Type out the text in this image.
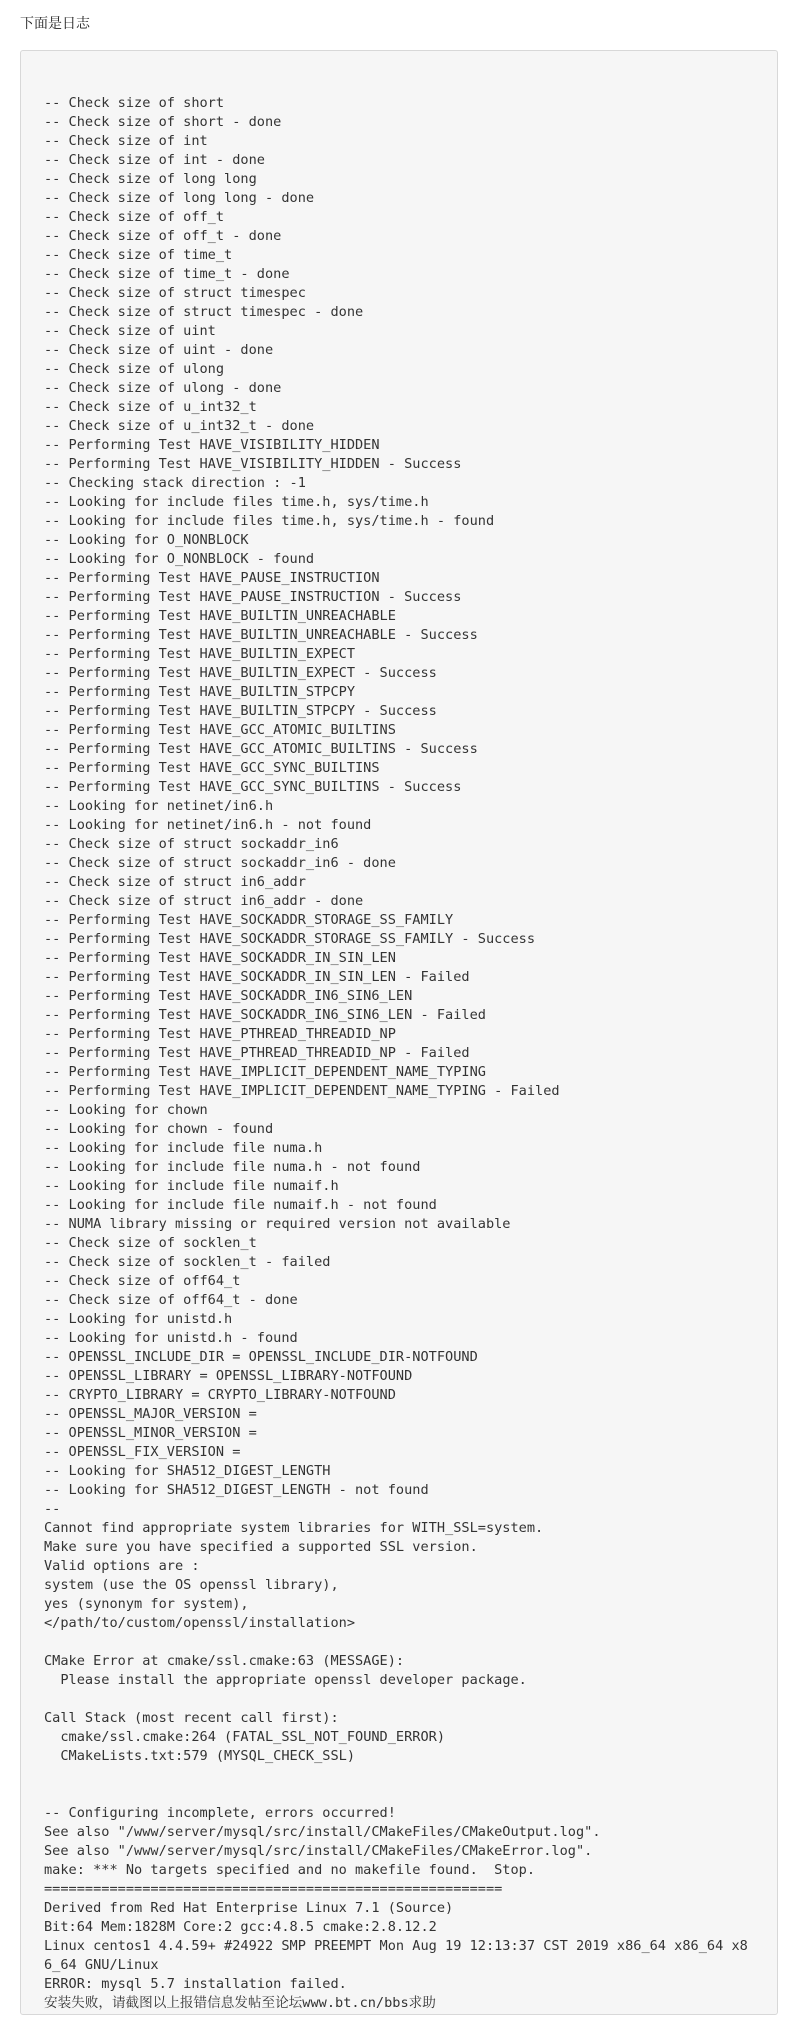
下面是日志

-- Check size of short
-- Check size of short - done
-- Check size of int
-- Check size of int - done
-- Check size of long long
-- Check size of long long - done
-- Check size of off_t
-- Check size of off_t - done
-- Check size of time_t
-- Check size of time_t - done
-- Check size of struct timespec
-- Check size of struct timespec - done
-- Check size of uint
-- Check size of uint - done
-- Check size of ulong
-- Check size of ulong - done
-- Check size of u_int32_t
-- Check size of u_int32_t - done
-- Performing Test HAVE_VISIBILITY_HIDDEN
-- Performing Test HAVE_VISIBILITY_HIDDEN - Success
-- Checking stack direction : -1
-- Looking for include files time.h, sys/time.h
-- Looking for include files time.h, sys/time.h - found
-- Looking for O_NONBLOCK
-- Looking for O_NONBLOCK - found
-- Performing Test HAVE_PAUSE_INSTRUCTION
-- Performing Test HAVE_PAUSE_INSTRUCTION - Success
-- Performing Test HAVE_BUILTIN_UNREACHABLE
-- Performing Test HAVE_BUILTIN_UNREACHABLE - Success
-- Performing Test HAVE_BUILTIN_EXPECT
-- Performing Test HAVE_BUILTIN_EXPECT - Success
-- Performing Test HAVE_BUILTIN_STPCPY
-- Performing Test HAVE_BUILTIN_STPCPY - Success
-- Performing Test HAVE_GCC_ATOMIC_BUILTINS
-- Performing Test HAVE_GCC_ATOMIC_BUILTINS - Success
-- Performing Test HAVE_GCC_SYNC_BUILTINS
-- Performing Test HAVE_GCC_SYNC_BUILTINS - Success
-- Looking for netinet/in6.h
-- Looking for netinet/in6.h - not found
-- Check size of struct sockaddr_in6
-- Check size of struct sockaddr_in6 - done
-- Check size of struct in6_addr
-- Check size of struct in6_addr - done
-- Performing Test HAVE_SOCKADDR_STORAGE_SS_FAMILY
-- Performing Test HAVE_SOCKADDR_STORAGE_SS_FAMILY - Success
-- Performing Test HAVE_SOCKADDR_IN_SIN_LEN
-- Performing Test HAVE_SOCKADDR_IN_SIN_LEN - Failed
-- Performing Test HAVE_SOCKADDR_IN6_SIN6_LEN
-- Performing Test HAVE_SOCKADDR_IN6_SIN6_LEN - Failed
-- Performing Test HAVE_PTHREAD_THREADID_NP
-- Performing Test HAVE_PTHREAD_THREADID_NP - Failed
-- Performing Test HAVE_IMPLICIT_DEPENDENT_NAME_TYPING
-- Performing Test HAVE_IMPLICIT_DEPENDENT_NAME_TYPING - Failed
-- Looking for chown
-- Looking for chown - found
-- Looking for include file numa.h
-- Looking for include file numa.h - not found
-- Looking for include file numaif.h
-- Looking for include file numaif.h - not found
-- NUMA library missing or required version not available
-- Check size of socklen_t
-- Check size of socklen_t - failed
-- Check size of off64_t
-- Check size of off64_t - done
-- Looking for unistd.h
-- Looking for unistd.h - found
-- OPENSSL_INCLUDE_DIR = OPENSSL_INCLUDE_DIR-NOTFOUND
-- OPENSSL_LIBRARY = OPENSSL_LIBRARY-NOTFOUND
-- CRYPTO_LIBRARY = CRYPTO_LIBRARY-NOTFOUND
-- OPENSSL_MAJOR_VERSION =
-- OPENSSL_MINOR_VERSION =
-- OPENSSL_FIX_VERSION =
-- Looking for SHA512_DIGEST_LENGTH
-- Looking for SHA512_DIGEST_LENGTH - not found
--
Cannot find appropriate system libraries for WITH_SSL=system.
Make sure you have specified a supported SSL version.
Valid options are :
system (use the OS openssl library),
yes (synonym for system),
</path/to/custom/openssl/installation>
CMake Error at cmake/ssl.cmake:63 (MESSAGE):
Please install the appropriate openssl developer package.
Call Stack (most recent call first):
cmake/ssl.cmake:264 (FATAL_SSL_NOT_FOUND_ERROR)
CMakeLists.txt:579 (MYSQL_CHECK_SSL)
-- Configuring incomplete, errors occurred!
See also "/www/server/mysql/src/install/CMakeFiles/CMakeOutput.log".
See also "/www/server/mysql/src/install/CMakeFiles/CMakeError.log".
make: *** No targets specified and no makefile found.  Stop.
========================================================
Derived from Red Hat Enterprise Linux 7.1 (Source)
Bit:64 Mem:1828M Core:2 gcc:4.8.5 cmake:2.8.12.2
Linux centos1 4.4.59+ #24922 SMP PREEMPT Mon Aug 19 12:13:37 CST 2019 x86_64 x86_64 x86_64 GNU/Linux
ERROR: mysql 5.7 installation failed.
安装失败，请截图以上报错信息发帖至论坛www.bt.cn/bbs求助
